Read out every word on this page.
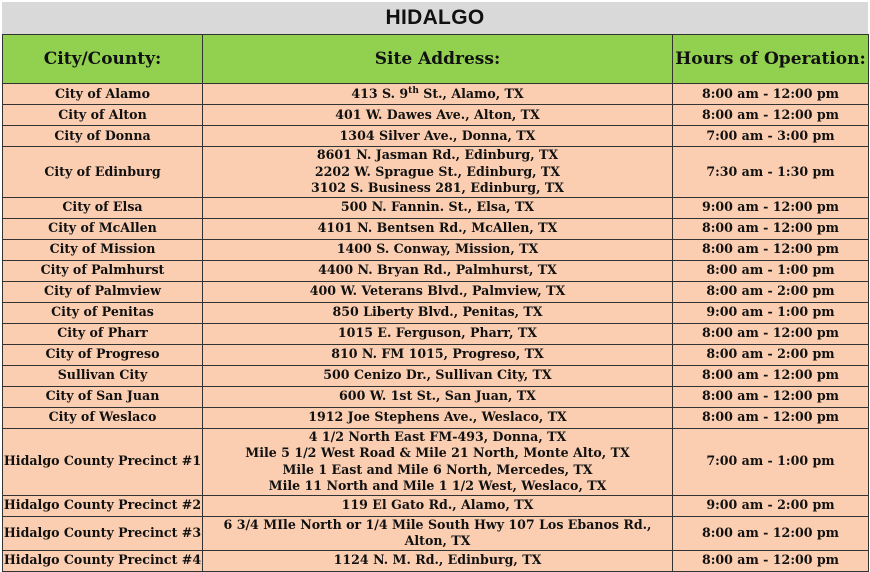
HIDALGO
City/County:	Site Address:	Hours of Operation:
City of Alamo	413 S. 9th St., Alamo, TX	8:00 am - 12:00 pm
City of Alton	401 W. Dawes Ave., Alton, TX	8:00 am - 12:00 pm
City of Donna	1304 Silver Ave., Donna, TX	7:00 am - 3:00 pm
City of Edinburg	8601 N. Jasman Rd., Edinburg, TX
2202 W. Sprague St., Edinburg, TX
3102 S. Business 281, Edinburg, TX	7:30 am - 1:30 pm
City of Elsa	500 N. Fannin. St., Elsa, TX	9:00 am - 12:00 pm
City of McAllen	4101 N. Bentsen Rd., McAllen, TX	8:00 am - 12:00 pm
City of Mission	1400 S. Conway, Mission, TX	8:00 am - 12:00 pm
City of Palmhurst	4400 N. Bryan Rd., Palmhurst, TX	8:00 am - 1:00 pm
City of Palmview	400 W. Veterans Blvd., Palmview, TX	8:00 am - 2:00 pm
City of Penitas	850 Liberty Blvd., Penitas, TX	9:00 am - 1:00 pm
City of Pharr	1015 E. Ferguson, Pharr, TX	8:00 am - 12:00 pm
City of Progreso	810 N. FM 1015, Progreso, TX	8:00 am - 2:00 pm
Sullivan City	500 Cenizo Dr., Sullivan City, TX	8:00 am - 12:00 pm
City of San Juan	600 W. 1st St., San Juan, TX	8:00 am - 12:00 pm
City of Weslaco	1912 Joe Stephens Ave., Weslaco, TX	8:00 am - 12:00 pm
Hidalgo County Precinct #1	4 1/2 North East FM-493, Donna, TX
Mile 5 1/2 West Road & Mile 21 North, Monte Alto, TX
Mile 1 East and Mile 6 North, Mercedes, TX
Mile 11 North and Mile 1 1/2 West, Weslaco, TX	7:00 am - 1:00 pm
Hidalgo County Precinct #2	119 El Gato Rd., Alamo, TX	9:00 am - 2:00 pm
Hidalgo County Precinct #3	6 3/4 MIle North or 1/4 Mile South Hwy 107 Los Ebanos Rd., Alton, TX	8:00 am - 12:00 pm
Hidalgo County Precinct #4	1124 N. M. Rd., Edinburg, TX	8:00 am - 12:00 pm
